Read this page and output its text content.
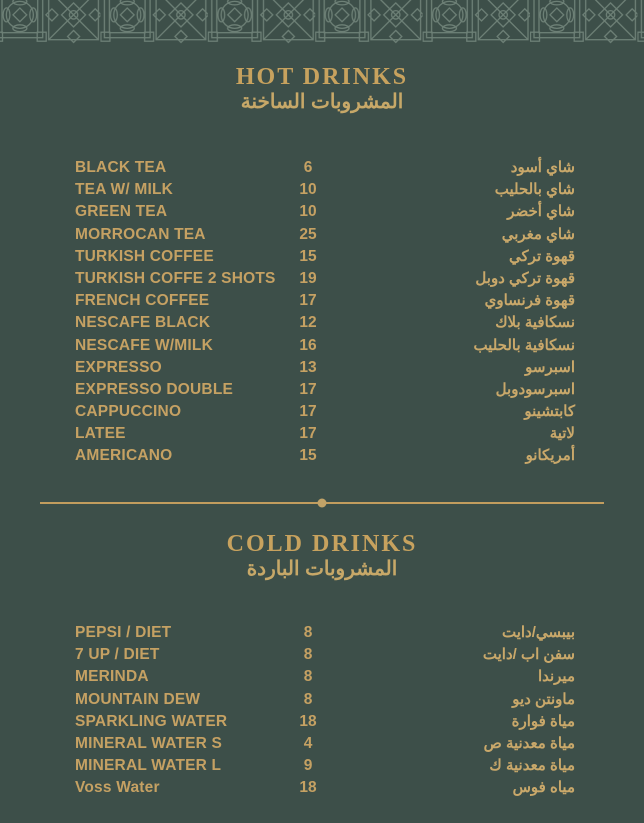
HOT DRINKS
المشروبات الساخنة
BLACK TEA	6	شاي أسود
TEA W/ MILK	10	شاي بالحليب
GREEN TEA	10	شاي أخضر
MORROCAN TEA	25	شاي مغربي
TURKISH COFFEE	15	قهوة تركي
TURKISH COFFE 2 SHOTS	19	قهوة تركي دوبل
FRENCH COFFEE	17	قهوة فرنساوي
NESCAFE BLACK	12	نسكافية بلاك
NESCAFE W/MILK	16	نسكافية بالحليب
EXPRESSO	13	اسبرسو
EXPRESSO DOUBLE	17	اسبرسودوبل
CAPPUCCINO	17	كابتشينو
LATEE	17	لاتية
AMERICANO	15	أمريكانو
COLD DRINKS
المشروبات الباردة
PEPSI / DIET	8	بيبسي/دايت
7 UP / DIET	8	سفن اب /دايت
MERINDA	8	ميرندا
MOUNTAIN DEW	8	ماونتن ديو
SPARKLING WATER	18	مياة فوارة
MINERAL WATER S	4	مياة معدنية ص
MINERAL WATER L	9	مياة معدنية ك
Voss Water	18	مياه فوس
